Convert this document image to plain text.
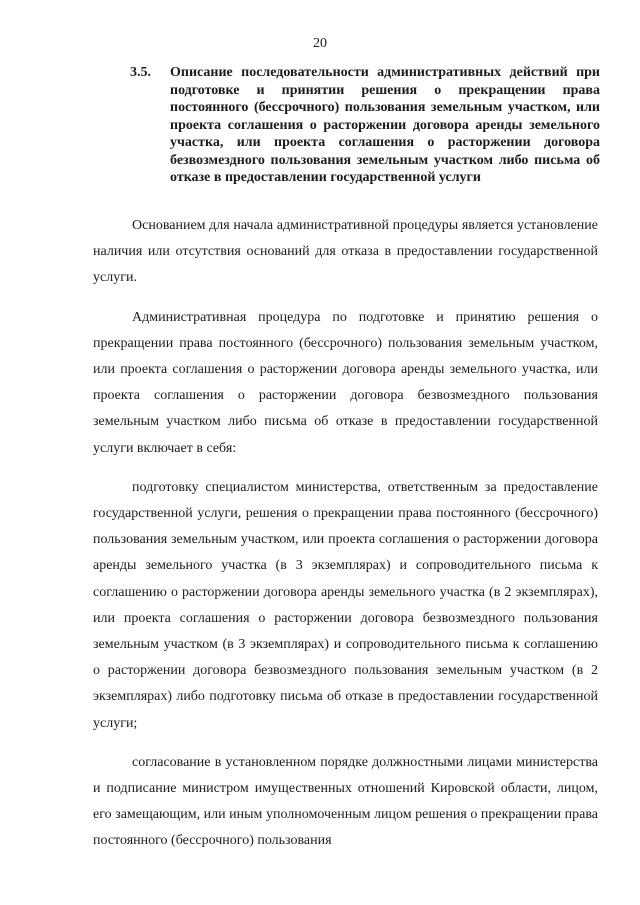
20
3.5. Описание последовательности административных действий при подготовке и принятии решения о прекращении права постоянного (бессрочного) пользования земельным участком, или проекта соглашения о расторжении договора аренды земельного участка, или проекта соглашения о расторжении договора безвозмездного пользования земельным участком либо письма об отказе в предоставлении государственной услуги

Основанием для начала административной процедуры является установление наличия или отсутствия оснований для отказа в предоставлении государственной услуги.

Административная процедура по подготовке и принятию решения о прекращении права постоянного (бессрочного) пользования земельным участком, или проекта соглашения о расторжении договора аренды земельного участка, или проекта соглашения о расторжении договора безвозмездного пользования земельным участком либо письма об отказе в предоставлении государственной услуги включает в себя:

подготовку специалистом министерства, ответственным за предоставление государственной услуги, решения о прекращении права постоянного (бессрочного) пользования земельным участком, или проекта соглашения о расторжении договора аренды земельного участка (в 3 экземплярах) и сопроводительного письма к соглашению о расторжении договора аренды земельного участка (в 2 экземплярах), или проекта соглашения о расторжении договора безвозмездного пользования земельным участком (в 3 экземплярах) и сопроводительного письма к соглашению о расторжении договора безвозмездного пользования земельным участком (в 2 экземплярах) либо подготовку письма об отказе в предоставлении государственной услуги;

согласование в установленном порядке должностными лицами министерства и подписание министром имущественных отношений Кировской области, лицом, его замещающим, или иным уполномоченным лицом решения о прекращении права постоянного (бессрочного) пользования
